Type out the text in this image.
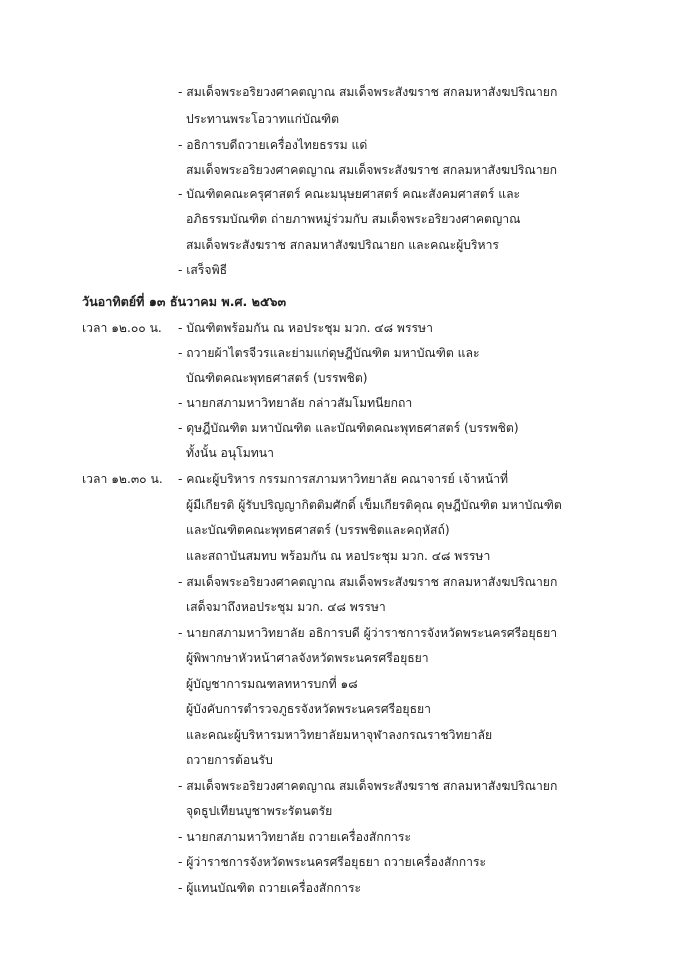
- สมเด็จพระอริยวงศาคตญาณ สมเด็จพระสังฆราช สกลมหาสังฆปริณายก
ประทานพระโอวาทแก่บัณฑิต
- อธิการบดีถวายเครื่องไทยธรรม แด่
สมเด็จพระอริยวงศาคตญาณ สมเด็จพระสังฆราช สกลมหาสังฆปริณายก
- บัณฑิตคณะครุศาสตร์ คณะมนุษยศาสตร์ คณะสังคมศาสตร์ และ
อภิธรรมบัณฑิต ถ่ายภาพหมู่ร่วมกับ สมเด็จพระอริยวงศาคตญาณ
สมเด็จพระสังฆราช สกลมหาสังฆปริณายก และคณะผู้บริหาร
- เสร็จพิธี
วันอาทิตย์ที่ ๑๓ ธันวาคม พ.ศ. ๒๕๖๓
เวลา ๑๒.๐๐ น. - บัณฑิตพร้อมกัน ณ หอประชุม มวก. ๔๘ พรรษา
- ถวายผ้าไตรจีวรและย่ามแก่ดุษฎีบัณฑิต มหาบัณฑิต และ
บัณฑิตคณะพุทธศาสตร์ (บรรพชิต)
- นายกสภามหาวิทยาลัย กล่าวสัมโมทนียกถา
- ดุษฎีบัณฑิต มหาบัณฑิต และบัณฑิตคณะพุทธศาสตร์ (บรรพชิต)
ทั้งนั้น อนุโมทนา
เวลา ๑๒.๓๐ น. - คณะผู้บริหาร กรรมการสภามหาวิทยาลัย คณาจารย์ เจ้าหน้าที่
ผู้มีเกียรติ ผู้รับปริญญากิตติมศักดิ์ เข็มเกียรติคุณ ดุษฎีบัณฑิต มหาบัณฑิต
และบัณฑิตคณะพุทธศาสตร์ (บรรพชิตและคฤหัสถ์)
และสถาบันสมทบ พร้อมกัน ณ หอประชุม มวก. ๔๘ พรรษา
- สมเด็จพระอริยวงศาคตญาณ สมเด็จพระสังฆราช สกลมหาสังฆปริณายก
เสด็จมาถึงหอประชุม มวก. ๔๘ พรรษา
- นายกสภามหาวิทยาลัย อธิการบดี ผู้ว่าราชการจังหวัดพระนครศรีอยุธยา
ผู้พิพากษาหัวหน้าศาลจังหวัดพระนครศรีอยุธยา
ผู้บัญชาการมณฑลทหารบกที่ ๑๘
ผู้บังคับการตำรวจภูธรจังหวัดพระนครศรีอยุธยา
และคณะผู้บริหารมหาวิทยาลัยมหาจุฬาลงกรณราชวิทยาลัย
ถวายการต้อนรับ
- สมเด็จพระอริยวงศาคตญาณ สมเด็จพระสังฆราช สกลมหาสังฆปริณายก
จุดธูปเทียนบูชาพระรัตนตรัย
- นายกสภามหาวิทยาลัย ถวายเครื่องสักการะ
- ผู้ว่าราชการจังหวัดพระนครศรีอยุธยา ถวายเครื่องสักการะ
- ผู้แทนบัณฑิต ถวายเครื่องสักการะ
